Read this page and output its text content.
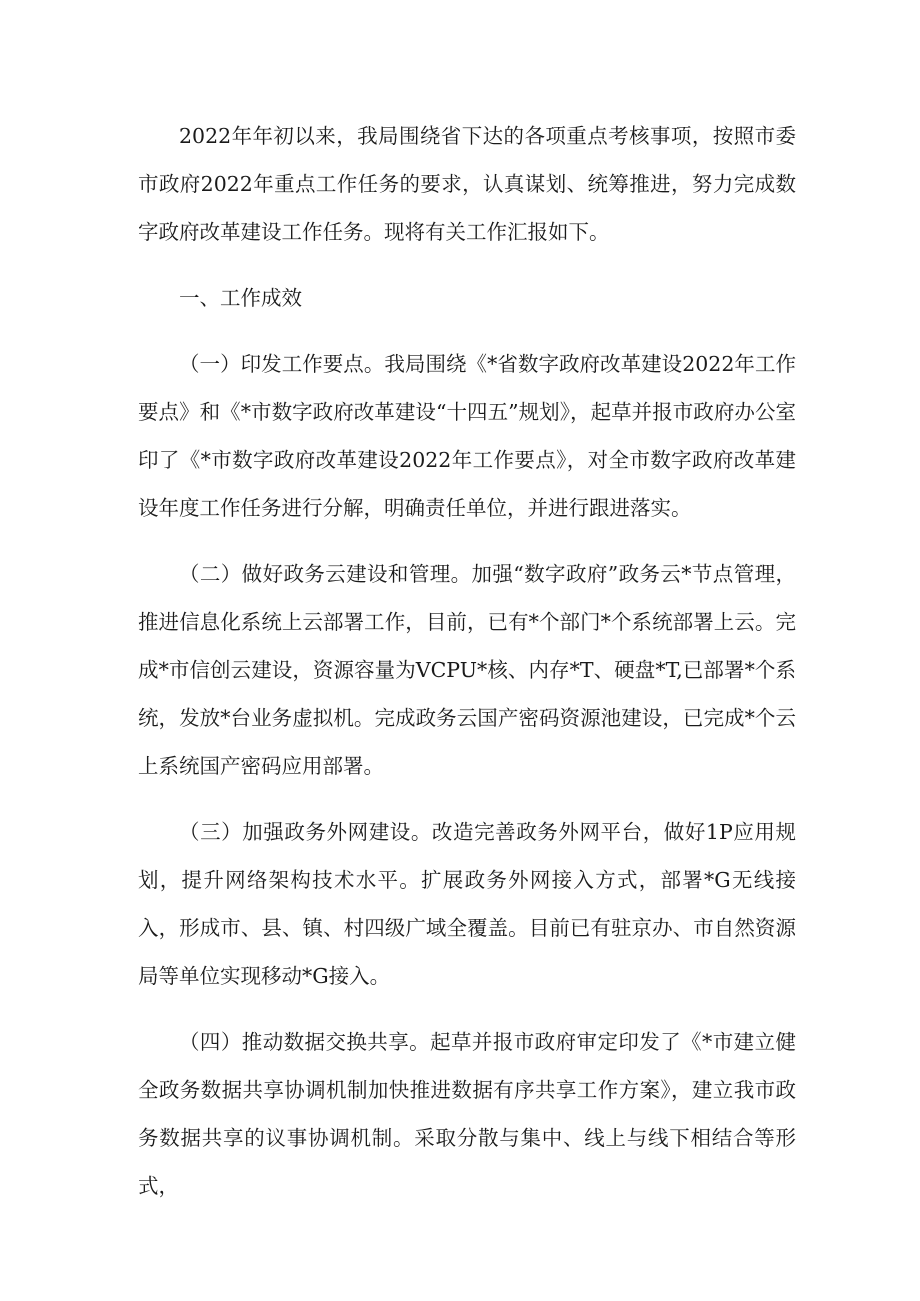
2022年年初以来，我局围绕省下达的各项重点考核事项，按照市委市政府2022年重点工作任务的要求，认真谋划、统筹推进，努力完成数字政府改革建设工作任务。现将有关工作汇报如下。

一、工作成效

（一）印发工作要点。我局围绕《*省数字政府改革建设2022年工作要点》和《*市数字政府改革建设“十四五”规划》，起草并报市政府办公室印了《*市数字政府改革建设2022年工作要点》，对全市数字政府改革建设年度工作任务进行分解，明确责任单位，并进行跟进落实。

（二）做好政务云建设和管理。加强“数字政府”政务云*节点管理，推进信息化系统上云部署工作，目前，已有*个部门*个系统部署上云。完成*市信创云建设，资源容量为VCPU*核、内存*T、硬盘*T,已部署*个系统，发放*台业务虚拟机。完成政务云国产密码资源池建设，已完成*个云上系统国产密码应用部署。

（三）加强政务外网建设。改造完善政务外网平台，做好1P应用规划，提升网络架构技术水平。扩展政务外网接入方式，部署*G无线接入，形成市、县、镇、村四级广域全覆盖。目前已有驻京办、市自然资源局等单位实现移动*G接入。

（四）推动数据交换共享。起草并报市政府审定印发了《*市建立健全政务数据共享协调机制加快推进数据有序共享工作方案》，建立我市政务数据共享的议事协调机制。采取分散与集中、线上与线下相结合等形式，
